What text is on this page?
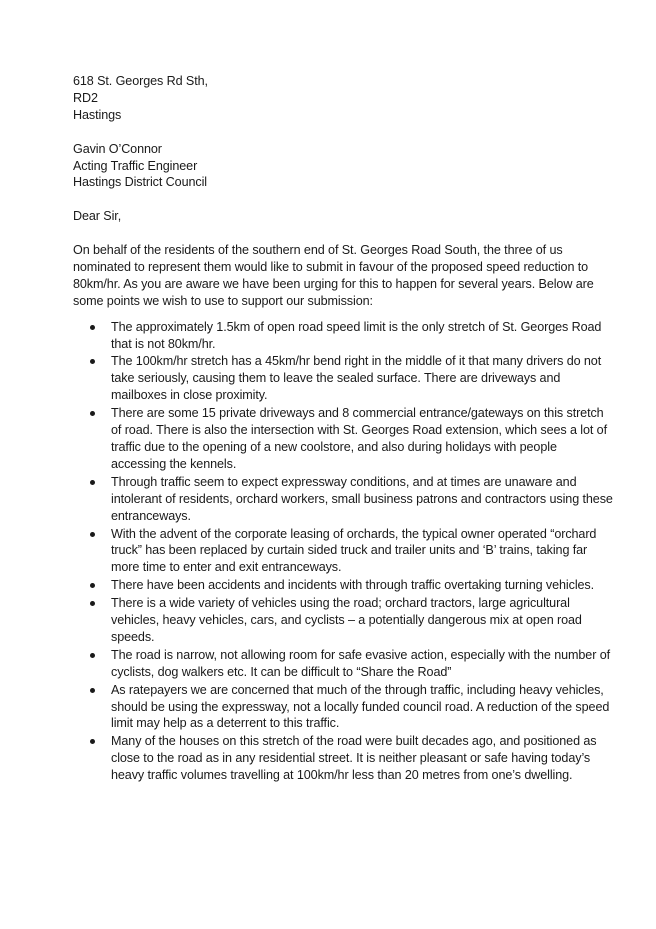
618 St. Georges Rd Sth,

RD2

Hastings

Gavin O’Connor

Acting Traffic Engineer

Hastings District Council

Dear Sir,

On behalf of the residents of the southern end of St. Georges Road South, the three of us nominated to represent them would like to submit in favour of the proposed speed reduction to 80km/hr. As you are aware we have been urging for this to happen for several years. Below are some points we wish to use to support our submission:

The approximately 1.5km of open road speed limit is the only stretch of St. Georges Road that is not 80km/hr.
The 100km/hr stretch has a 45km/hr bend right in the middle of it that many drivers do not take seriously, causing them to leave the sealed surface. There are driveways and mailboxes in close proximity.
There are some 15 private driveways and 8 commercial entrance/gateways on this stretch of road. There is also the intersection with St. Georges Road extension, which sees a lot of traffic due to the opening of a new coolstore, and also during holidays with people accessing the kennels.
Through traffic seem to expect expressway conditions, and at times are unaware and intolerant of residents, orchard workers, small business patrons and contractors using these entranceways.
With the advent of the corporate leasing of orchards, the typical owner operated “orchard truck” has been replaced by curtain sided truck and trailer units and ‘B’ trains, taking far more time to enter and exit entranceways.
There have been accidents and incidents with through traffic overtaking turning vehicles.
There is a wide variety of vehicles using the road; orchard tractors, large agricultural vehicles, heavy vehicles, cars, and cyclists – a potentially dangerous mix at open road speeds.
The road is narrow, not allowing room for safe evasive action, especially with the number of cyclists, dog walkers etc. It can be difficult to “Share the Road”
As ratepayers we are concerned that much of the through traffic, including heavy vehicles, should be using the expressway, not a locally funded council road. A reduction of the speed limit may help as a deterrent to this traffic.
Many of the houses on this stretch of the road were built decades ago, and positioned as close to the road as in any residential street. It is neither pleasant or safe having today’s heavy traffic volumes travelling at 100km/hr less than 20 metres from one’s dwelling.
